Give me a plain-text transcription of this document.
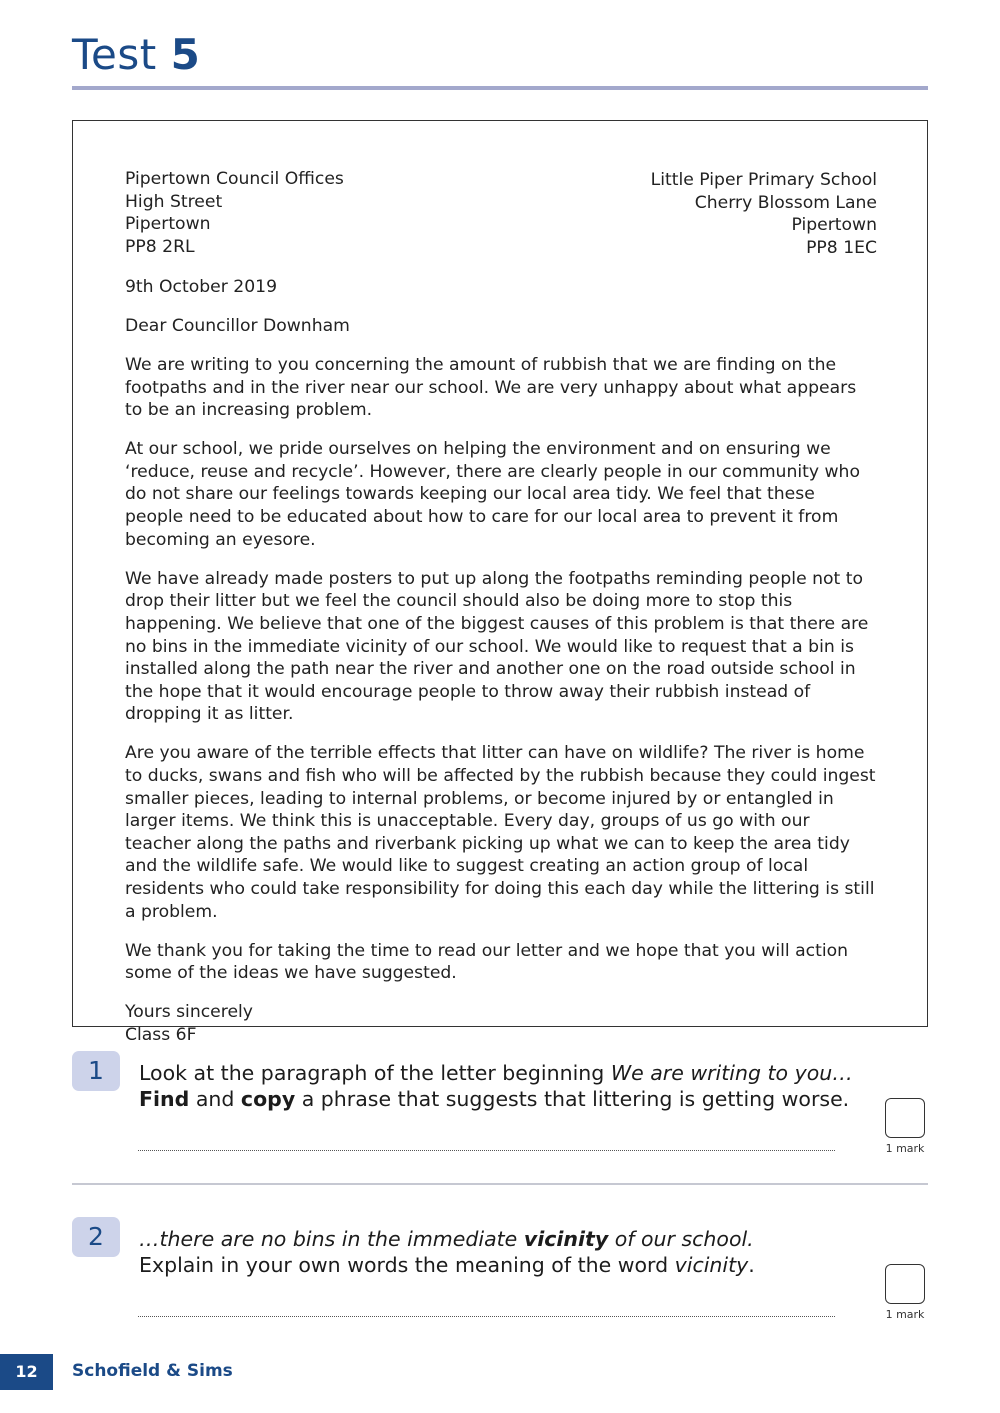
Test 5
Pipertown Council Offices
High Street
Pipertown
PP8 2RL
Little Piper Primary School
Cherry Blossom Lane
Pipertown
PP8 1EC
9th October 2019
Dear Councillor Downham

We are writing to you concerning the amount of rubbish that we are finding on the footpaths and in the river near our school. We are very unhappy about what appears to be an increasing problem.

At our school, we pride ourselves on helping the environment and on ensuring we ‘reduce, reuse and recycle’. However, there are clearly people in our community who do not share our feelings towards keeping our local area tidy. We feel that these people need to be educated about how to care for our local area to prevent it from becoming an eyesore.

We have already made posters to put up along the footpaths reminding people not to drop their litter but we feel the council should also be doing more to stop this happening. We believe that one of the biggest causes of this problem is that there are no bins in the immediate vicinity of our school. We would like to request that a bin is installed along the path near the river and another one on the road outside school in the hope that it would encourage people to throw away their rubbish instead of dropping it as litter.

Are you aware of the terrible effects that litter can have on wildlife? The river is home to ducks, swans and fish who will be affected by the rubbish because they could ingest smaller pieces, leading to internal problems, or become injured by or entangled in larger items. We think this is unacceptable. Every day, groups of us go with our teacher along the paths and riverbank picking up what we can to keep the area tidy and the wildlife safe. We would like to suggest creating an action group of local residents who could take responsibility for doing this each day while the littering is still a problem.

We thank you for taking the time to read our letter and we hope that you will action some of the ideas we have suggested.

Yours sincerely
Class 6F
1	Look at the paragraph of the letter beginning We are writing to you…
Find and copy a phrase that suggests that littering is getting worse.
1 mark
2	…there are no bins in the immediate vicinity of our school.
Explain in your own words the meaning of the word vicinity.
1 mark
12	Schofield & Sims
